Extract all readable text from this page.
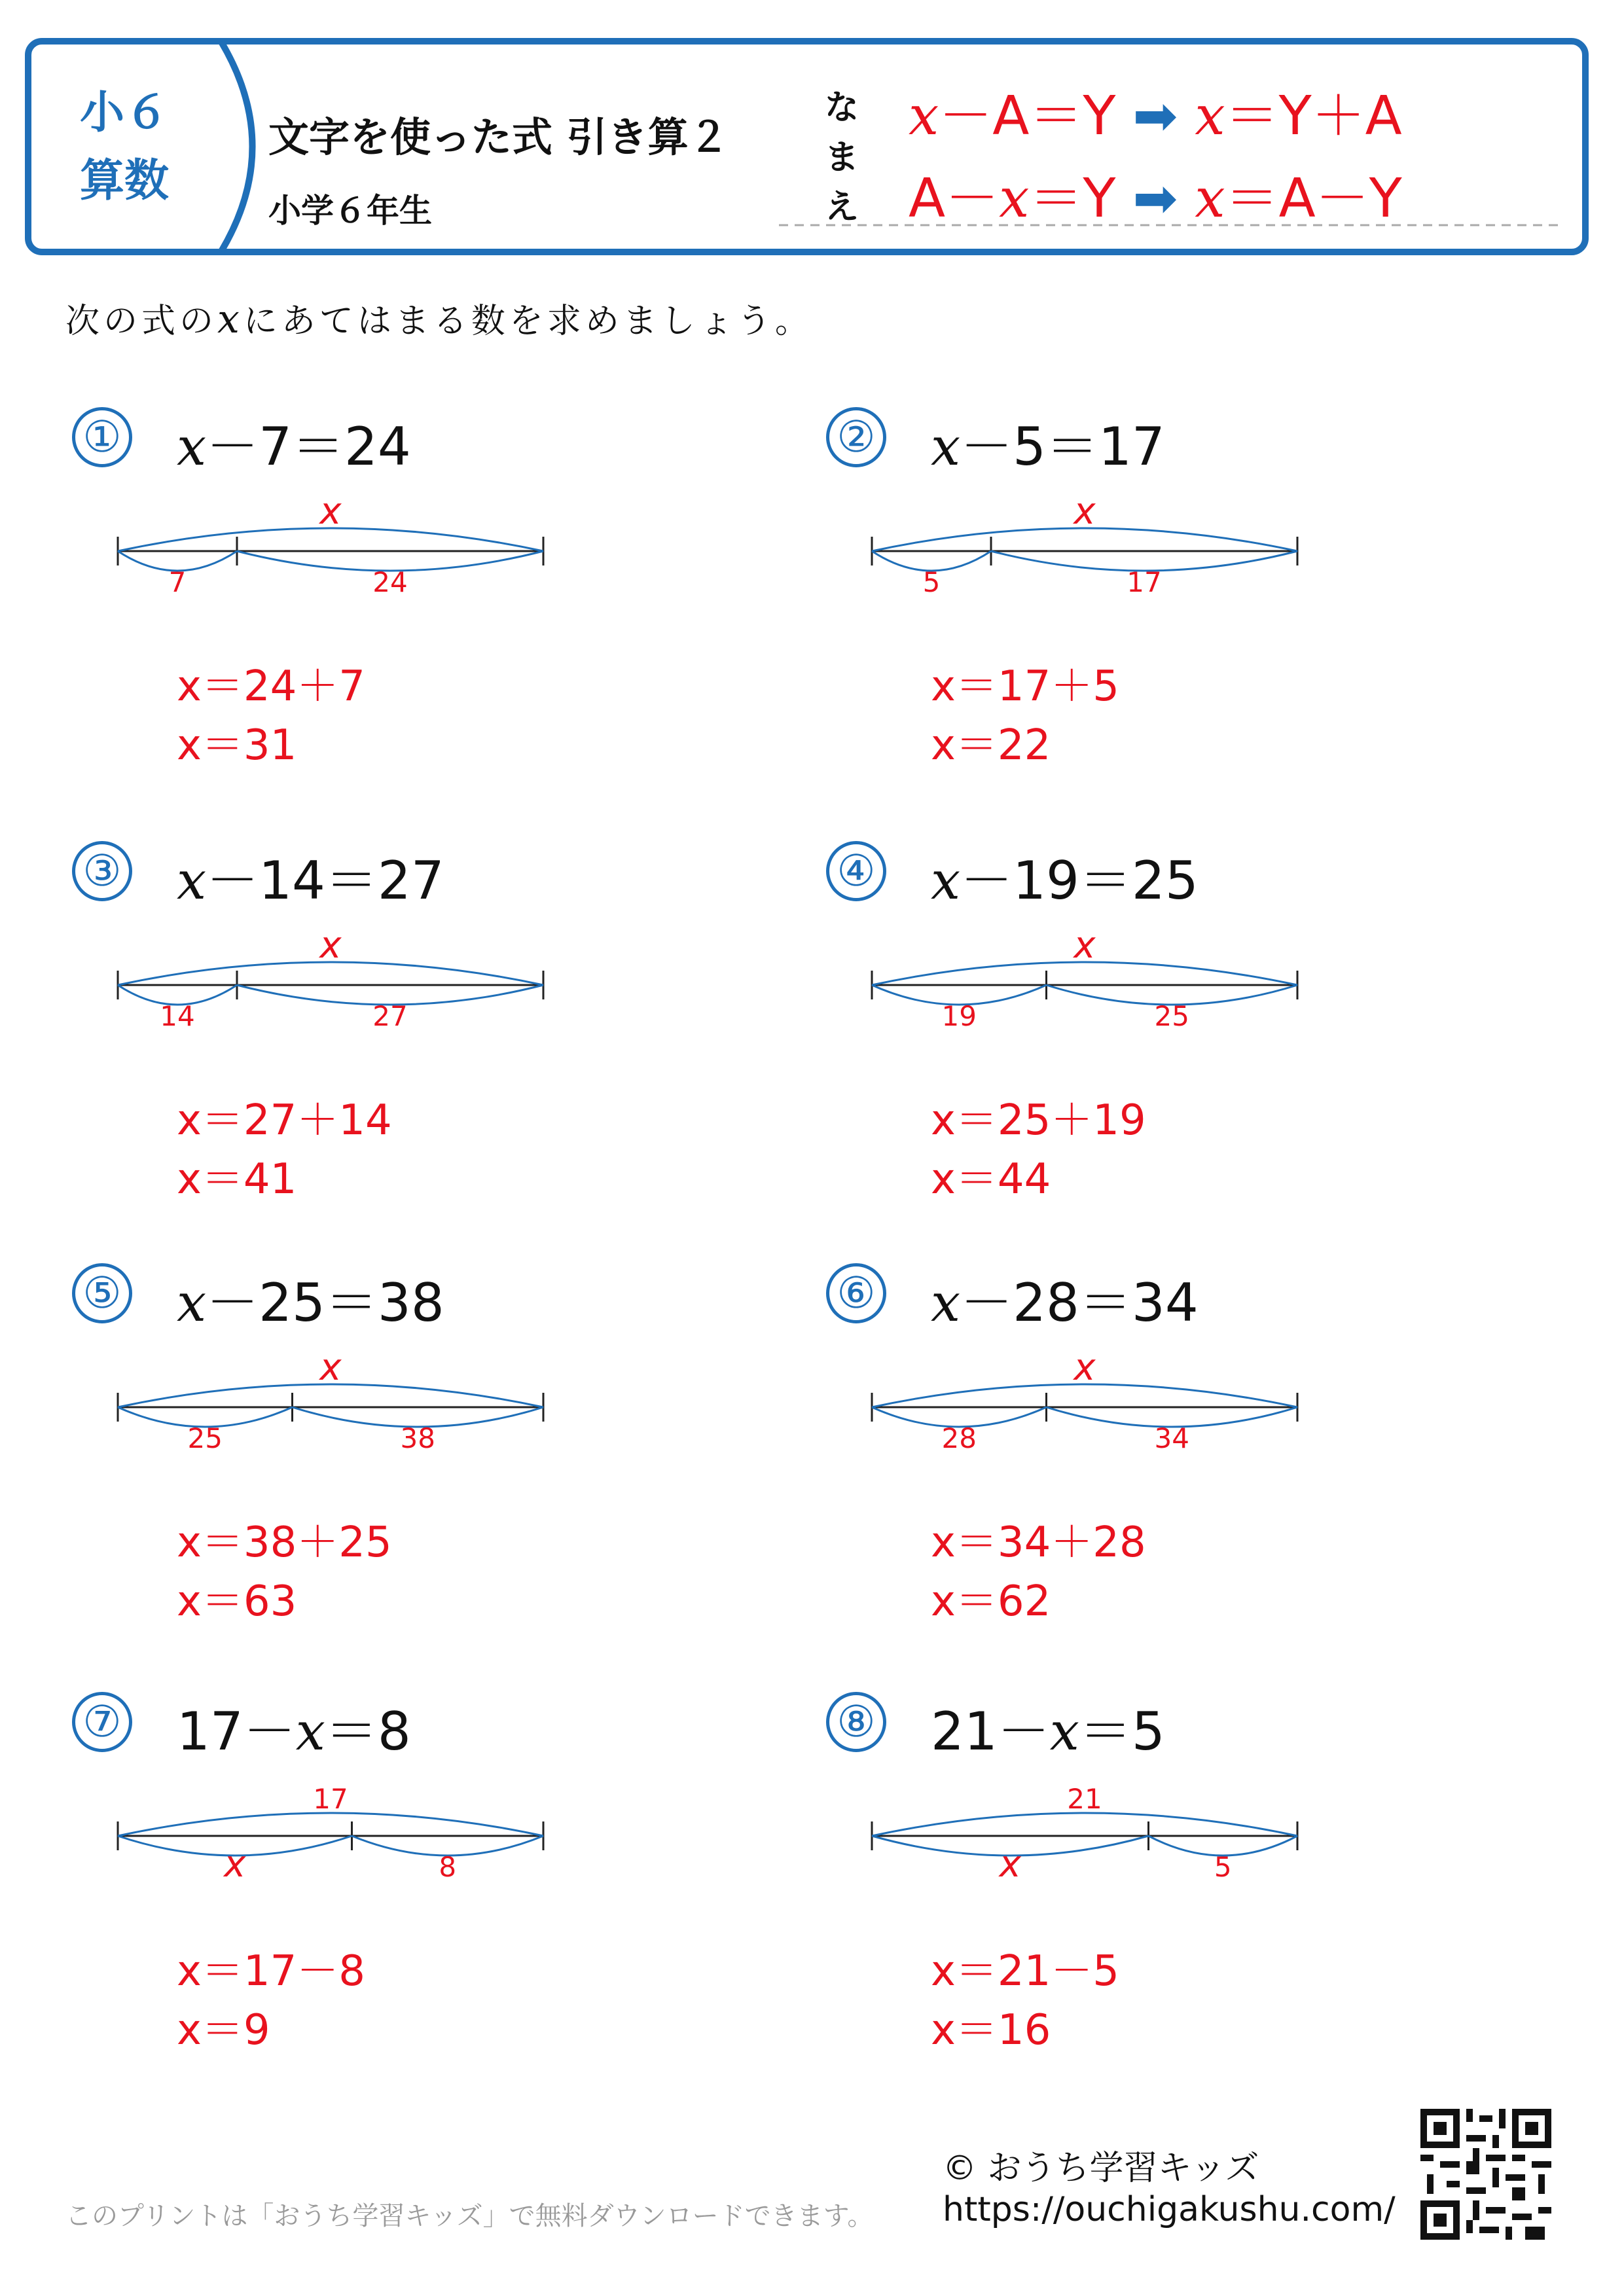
小６
算数
文字を使った式 引き算２
小学６年生
な
ま
え
x－A＝Y ➡ x＝Y＋A
A－x＝Y ➡ x＝A－Y
次の式のxにあてはまる数を求めましょう。
① x－7＝24
x
7	24
x＝24＋7
x＝31
② x－5＝17
x
5	17
x＝17＋5
x＝22
③ x－14＝27
x
14	27
x＝27＋14
x＝41
④ x－19＝25
x
19	25
x＝25＋19
x＝44
⑤ x－25＝38
x
25	38
x＝38＋25
x＝63
⑥ x－28＝34
x
28	34
x＝34＋28
x＝62
⑦ 17－x＝8
17
x	8
x＝17－8
x＝9
⑧ 21－x＝5
21
x	5
x＝21－5
x＝16
このプリントは「おうち学習キッズ」で無料ダウンロードできます。
© おうち学習キッズ
https://ouchigakushu.com/
